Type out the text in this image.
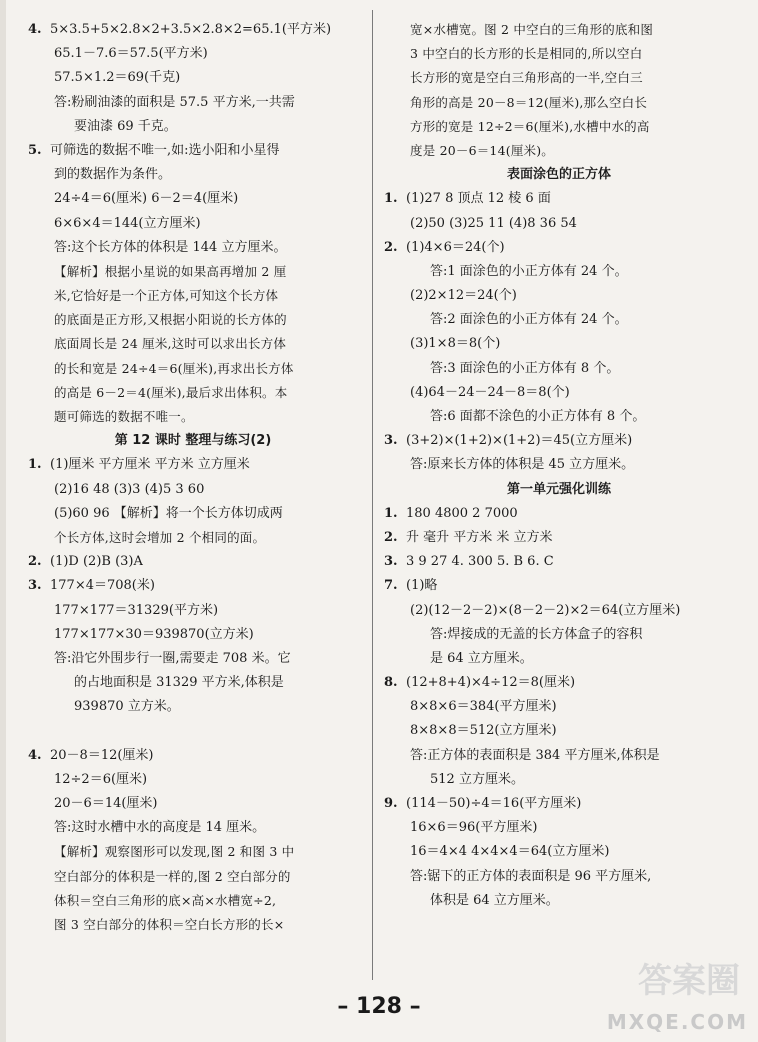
4. 5×3.5+5×2.8×2+3.5×2.8×2=65.1(平方米)
65.1－7.6＝57.5(平方米)
57.5×1.2＝69(千克)
答:粉刷油漆的面积是 57.5 平方米,一共需
要油漆 69 千克。
5. 可筛选的数据不唯一,如:选小阳和小星得
到的数据作为条件。
24÷4＝6(厘米) 6－2＝4(厘米)
6×6×4＝144(立方厘米)
答:这个长方体的体积是 144 立方厘米。
【解析】根据小星说的如果高再增加 2 厘
米,它恰好是一个正方体,可知这个长方体
的底面是正方形,又根据小阳说的长方体的
底面周长是 24 厘米,这时可以求出长方体
的长和宽是 24÷4＝6(厘米),再求出长方体
的高是 6－2＝4(厘米),最后求出体积。本
题可筛选的数据不唯一。
第 12 课时 整理与练习(2)
1. (1)厘米 平方厘米 平方米 立方厘米
(2)16 48 (3)3 (4)5 3 60
(5)60 96 【解析】将一个长方体切成两
个长方体,这时会增加 2 个相同的面。
2. (1)D (2)B (3)A
3. 177×4＝708(米)
177×177＝31329(平方米)
177×177×30＝939870(立方米)
答:沿它外围步行一圈,需要走 708 米。它
的占地面积是 31329 平方米,体积是
939870 立方米。
4. 20－8＝12(厘米)
12÷2＝6(厘米)
20－6＝14(厘米)
答:这时水槽中水的高度是 14 厘米。
【解析】观察图形可以发现,图 2 和图 3 中
空白部分的体积是一样的,图 2 空白部分的
体积＝空白三角形的底×高×水槽宽÷2,
图 3 空白部分的体积＝空白长方形的长×
宽×水槽宽。图 2 中空白的三角形的底和图
3 中空白的长方形的长是相同的,所以空白
长方形的宽是空白三角形高的一半,空白三
角形的高是 20－8＝12(厘米),那么空白长
方形的宽是 12÷2＝6(厘米),水槽中水的高
度是 20－6＝14(厘米)。
表面涂色的正方体
1. (1)27 8 顶点 12 棱 6 面
(2)50 (3)25 11 (4)8 36 54
2. (1)4×6＝24(个)
答:1 面涂色的小正方体有 24 个。
(2)2×12＝24(个)
答:2 面涂色的小正方体有 24 个。
(3)1×8＝8(个)
答:3 面涂色的小正方体有 8 个。
(4)64－24－24－8＝8(个)
答:6 面都不涂色的小正方体有 8 个。
3. (3+2)×(1+2)×(1+2)＝45(立方厘米)
答:原来长方体的体积是 45 立方厘米。
第一单元强化训练
1. 180 4800 2 7000
2. 升 毫升 平方米 米 立方米
3. 3 9 27 4. 300 5. B 6. C
7. (1)略
(2)(12－2－2)×(8－2－2)×2＝64(立方厘米)
答:焊接成的无盖的长方体盒子的容积
是 64 立方厘米。
8. (12+8+4)×4÷12＝8(厘米)
8×8×6＝384(平方厘米)
8×8×8＝512(立方厘米)
答:正方体的表面积是 384 平方厘米,体积是
512 立方厘米。
9. (114－50)÷4＝16(平方厘米)
16×6＝96(平方厘米)
16＝4×4 4×4×4＝64(立方厘米)
答:锯下的正方体的表面积是 96 平方厘米,
体积是 64 立方厘米。
– 128 –
答案圈
MXQE.COM
